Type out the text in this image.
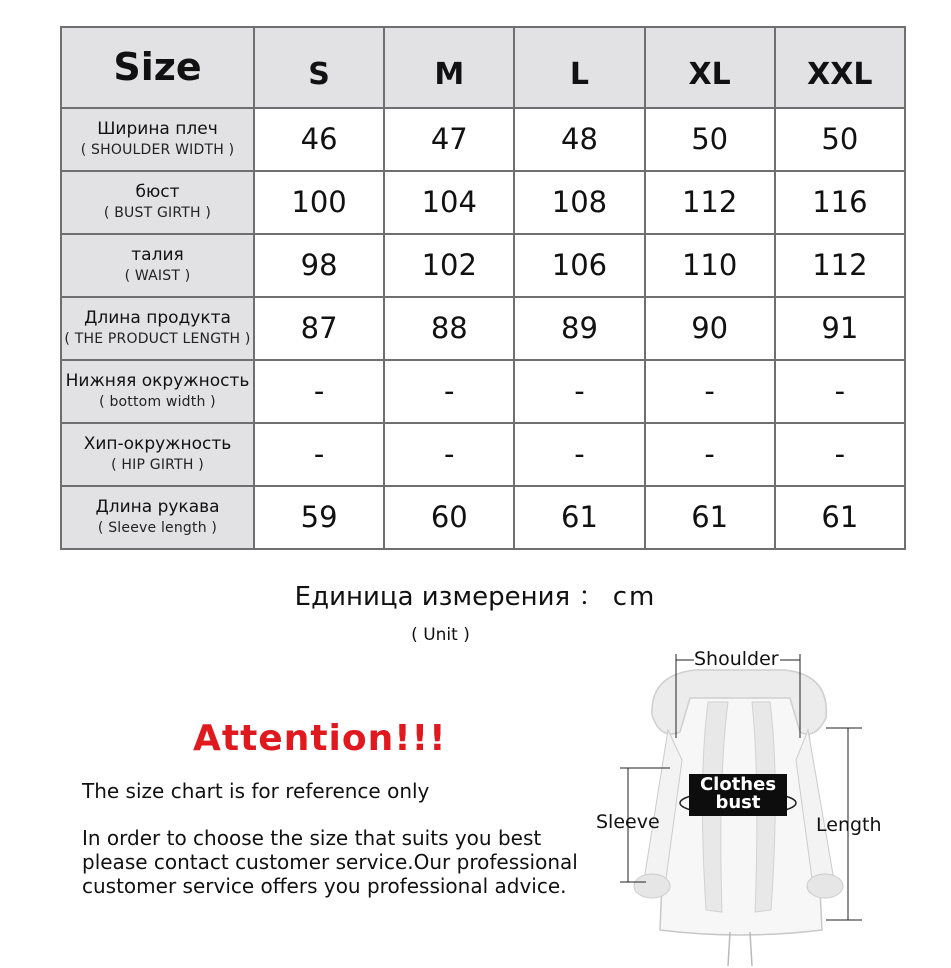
Size	S	M	L	XL	XXL

Ширина плеч
( SHOULDER WIDTH )	46	47	48	50	50

бюст
( BUST GIRTH )	100	104	108	112	116

талия
( WAIST )	98	102	106	110	112

Длина продукта
( THE PRODUCT LENGTH )	87	88	89	90	91

Нижняя окружность
( bottom width )	-	-	-	-	-

Хип-окружность
( HIP GIRTH )	-	-	-	-	-

Длина рукава
( Sleeve length )	59	60	61	61	61
Единица измерения ： cm
( Unit )
Attention!!!
The size chart is for reference only
In order to choose the size that suits you best
please contact customer service.Our professional
customer service offers you professional advice.
Shoulder
Sleeve	Length
Clothes
bust
